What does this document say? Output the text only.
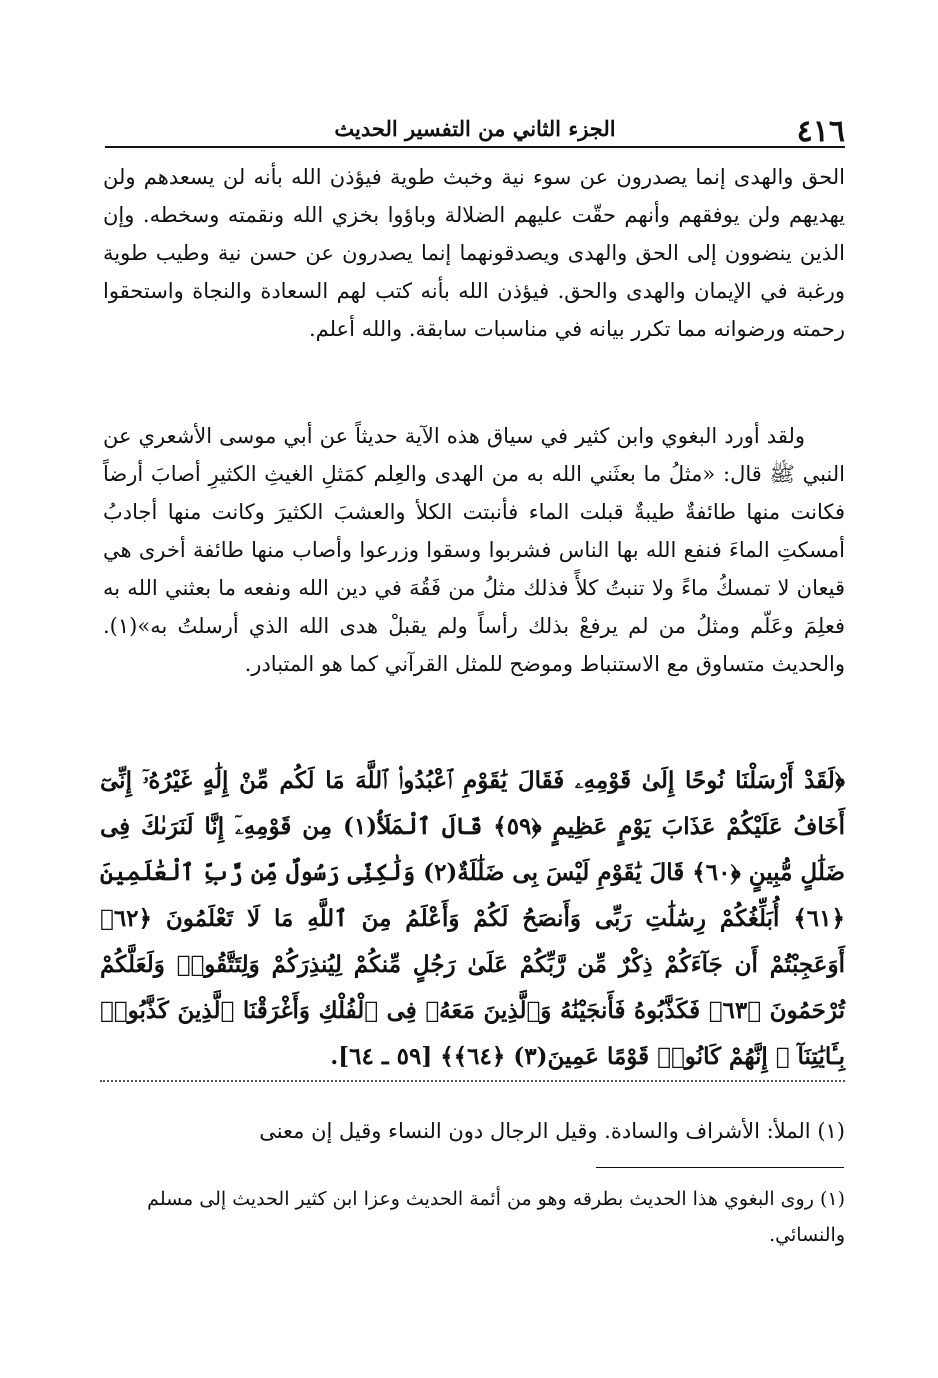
٤١٦
الجزء الثاني من التفسير الحديث

الحق والهدى إنما يصدرون عن سوء نية وخبث طوية فيؤذن الله بأنه لن يسعدهم ولن يهديهم ولن يوفقهم وأنهم حقّت عليهم الضلالة وباؤوا بخزي الله ونقمته وسخطه. وإن الذين ينضوون إلى الحق والهدى ويصدقونهما إنما يصدرون عن حسن نية وطيب طوية ورغبة في الإيمان والهدى والحق. فيؤذن الله بأنه كتب لهم السعادة والنجاة واستحقوا رحمته ورضوانه مما تكرر بيانه في مناسبات سابقة. والله أعلم.

ولقد أورد البغوي وابن كثير في سياق هذه الآية حديثاً عن أبي موسى الأشعري عن النبي ﷺ قال: «مثلُ ما بعثَني الله به من الهدى والعِلم كمَثلِ الغيثِ الكثيرِ أصابَ أرضاً فكانت منها طائفةٌ طيبةٌ قبلت الماء فأنبتت الكلأ والعشبَ الكثيرَ وكانت منها أجادبُ أمسكتِ الماءَ فنفع الله بها الناس فشربوا وسقوا وزرعوا وأصاب منها طائفة أخرى هي قيعان لا تمسكُ ماءً ولا تنبتُ كلأً فذلك مثلُ من فَقُهَ في دين الله ونفعه ما بعثني الله به فعلِمَ وعَلّم ومثلُ من لم يرفعْ بذلك رأساً ولم يقبلْ هدى الله الذي أرسلتُ به»(١). والحديث متساوق مع الاستنباط وموضح للمثل القرآني كما هو المتبادر.

﴿لَقَدْ أَرْسَلْنَا نُوحًا إِلَىٰ قَوْمِهِۦ فَقَالَ يَٰقَوْمِ ٱعْبُدُوا۟ ٱللَّهَ مَا لَكُم مِّنْ إِلَٰهٍ غَيْرُهُۥٓ إِنِّىٓ أَخَافُ عَلَيْكُمْ عَذَابَ يَوْمٍ عَظِيمٍ ﴿٥٩﴾ قَالَ ٱلْمَلَأُ(١) مِن قَوْمِهِۦٓ إِنَّا لَنَرَىٰكَ فِى ضَلَٰلٍ مُّبِينٍ ﴿٦٠﴾ قَالَ يَٰقَوْمِ لَيْسَ بِى ضَلَٰلَةٌ(٢) وَلَٰكِنِّى رَسُولٌ مِّن رَّبِّ ٱلْعَٰلَمِينَ ﴿٦١﴾ أُبَلِّغُكُمْ رِسَٰلَٰتِ رَبِّى وَأَنصَحُ لَكُمْ وَأَعْلَمُ مِنَ ٱللَّهِ مَا لَا تَعْلَمُونَ ﴿٦٢﴾ أَوَعَجِبْتُمْ أَن جَآءَكُمْ ذِكْرٌ مِّن رَّبِّكُمْ عَلَىٰ رَجُلٍ مِّنكُمْ لِيُنذِرَكُمْ وَلِتَتَّقُوا۟ وَلَعَلَّكُمْ تُرْحَمُونَ ﴿٦٣﴾ فَكَذَّبُوهُ فَأَنجَيْنَٰهُ وَٱلَّذِينَ مَعَهُۥ فِى ٱلْفُلْكِ وَأَغْرَقْنَا ٱلَّذِينَ كَذَّبُوا۟ بِـَٔايَٰتِنَآ ۚ إِنَّهُمْ كَانُوا۟ قَوْمًا عَمِينَ(٣) ﴿٦٤﴾﴾ [٥٩ ـ ٦٤].

(١) الملأ: الأشراف والسادة. وقيل الرجال دون النساء وقيل إن معنى

(١) روى البغوي هذا الحديث بطرقه وهو من أئمة الحديث وعزا ابن كثير الحديث إلى مسلم والنسائي.
